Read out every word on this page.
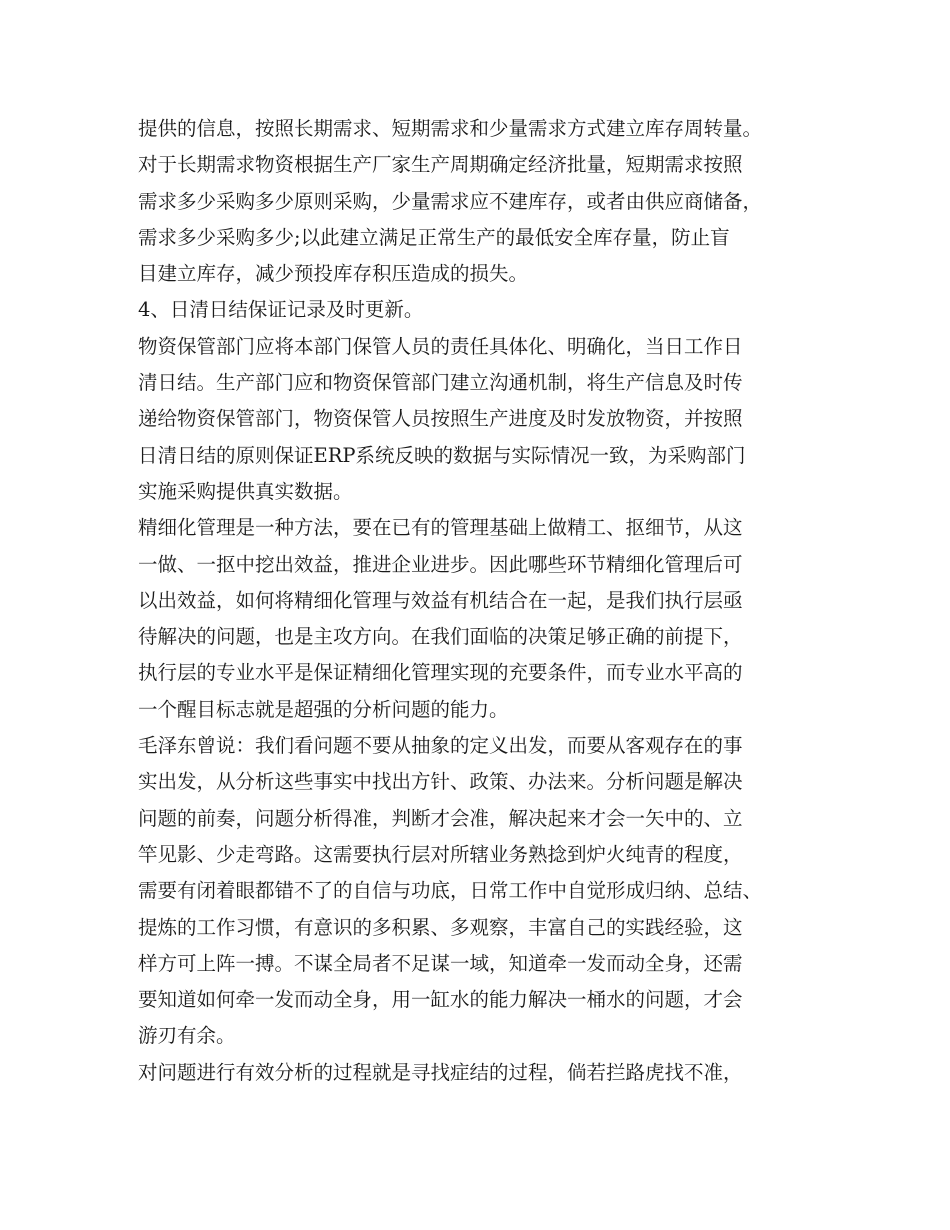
提供的信息，按照长期需求、短期需求和少量需求方式建立库存周转量。
对于长期需求物资根据生产厂家生产周期确定经济批量，短期需求按照
需求多少采购多少原则采购，少量需求应不建库存，或者由供应商储备，
需求多少采购多少;以此建立满足正常生产的最低安全库存量，防止盲
目建立库存，减少预投库存积压造成的损失。
4、日清日结保证记录及时更新。
物资保管部门应将本部门保管人员的责任具体化、明确化，当日工作日
清日结。生产部门应和物资保管部门建立沟通机制，将生产信息及时传
递给物资保管部门，物资保管人员按照生产进度及时发放物资，并按照
日清日结的原则保证ERP系统反映的数据与实际情况一致，为采购部门
实施采购提供真实数据。
精细化管理是一种方法，要在已有的管理基础上做精工、抠细节，从这
一做、一抠中挖出效益，推进企业进步。因此哪些环节精细化管理后可
以出效益，如何将精细化管理与效益有机结合在一起，是我们执行层亟
待解决的问题，也是主攻方向。在我们面临的决策足够正确的前提下，
执行层的专业水平是保证精细化管理实现的充要条件，而专业水平高的
一个醒目标志就是超强的分析问题的能力。
毛泽东曾说：我们看问题不要从抽象的定义出发，而要从客观存在的事
实出发，从分析这些事实中找出方针、政策、办法来。分析问题是解决
问题的前奏，问题分析得准，判断才会准，解决起来才会一矢中的、立
竿见影、少走弯路。这需要执行层对所辖业务熟捻到炉火纯青的程度，
需要有闭着眼都错不了的自信与功底，日常工作中自觉形成归纳、总结、
提炼的工作习惯，有意识的多积累、多观察，丰富自己的实践经验，这
样方可上阵一搏。不谋全局者不足谋一域，知道牵一发而动全身，还需
要知道如何牵一发而动全身，用一缸水的能力解决一桶水的问题，才会
游刃有余。
对问题进行有效分析的过程就是寻找症结的过程，倘若拦路虎找不准，
